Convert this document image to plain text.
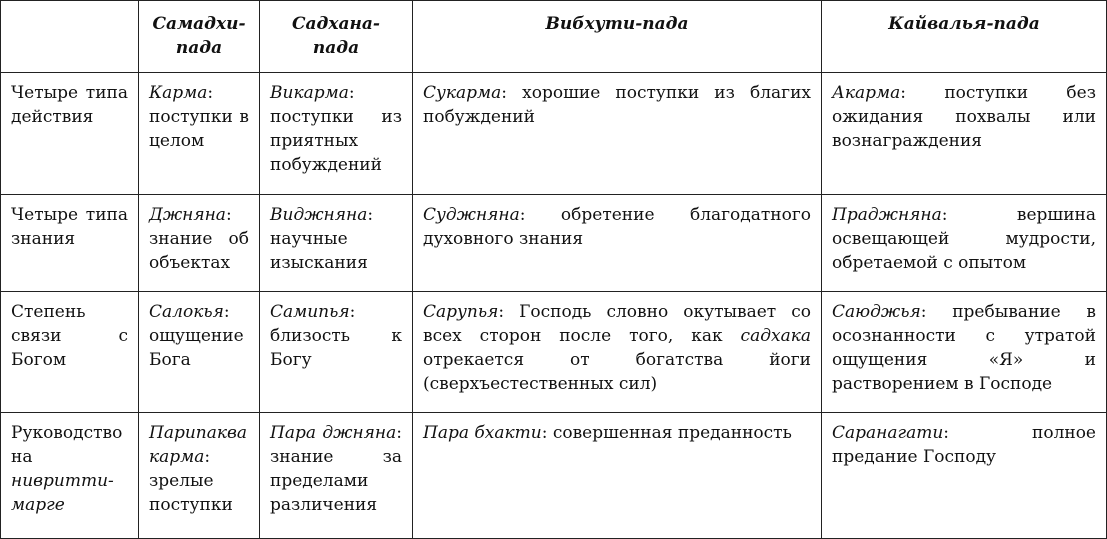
	Самадхи-пада	Садхана-пада	Вибхути-пада	Кайвалья-пада
Четыре типа действия	Карма: поступки в целом	Викарма: поступки из приятных побуждений	Сукарма: хорошие поступки из благих побуждений	Акарма: поступки без ожидания похвалы или вознаграждения
Четыре типа знания	Джняна: знание об объектах	Виджняна: научные изыскания	Суджняна: обретение благодатного духовного знания	Праджняна: вершина освещающей мудрости, обретаемой с опытом
Степень связи с Богом	Салокья: ощущение Бога	Самипья: близость к Богу	Сарупья: Господь словно окутывает со всех сторон после того, как садхака отрекается от богатства йоги (сверхъестественных сил)	Саюджья: пребывание в осознанности с утратой ощущения «Я» и растворением в Господе
Руководство на нивритти-марге	Парипаква карма: зрелые поступки	Пара джняна: знание за пределами различения	Пара бхакти: совершенная преданность	Саранагати: полное предание Господу
